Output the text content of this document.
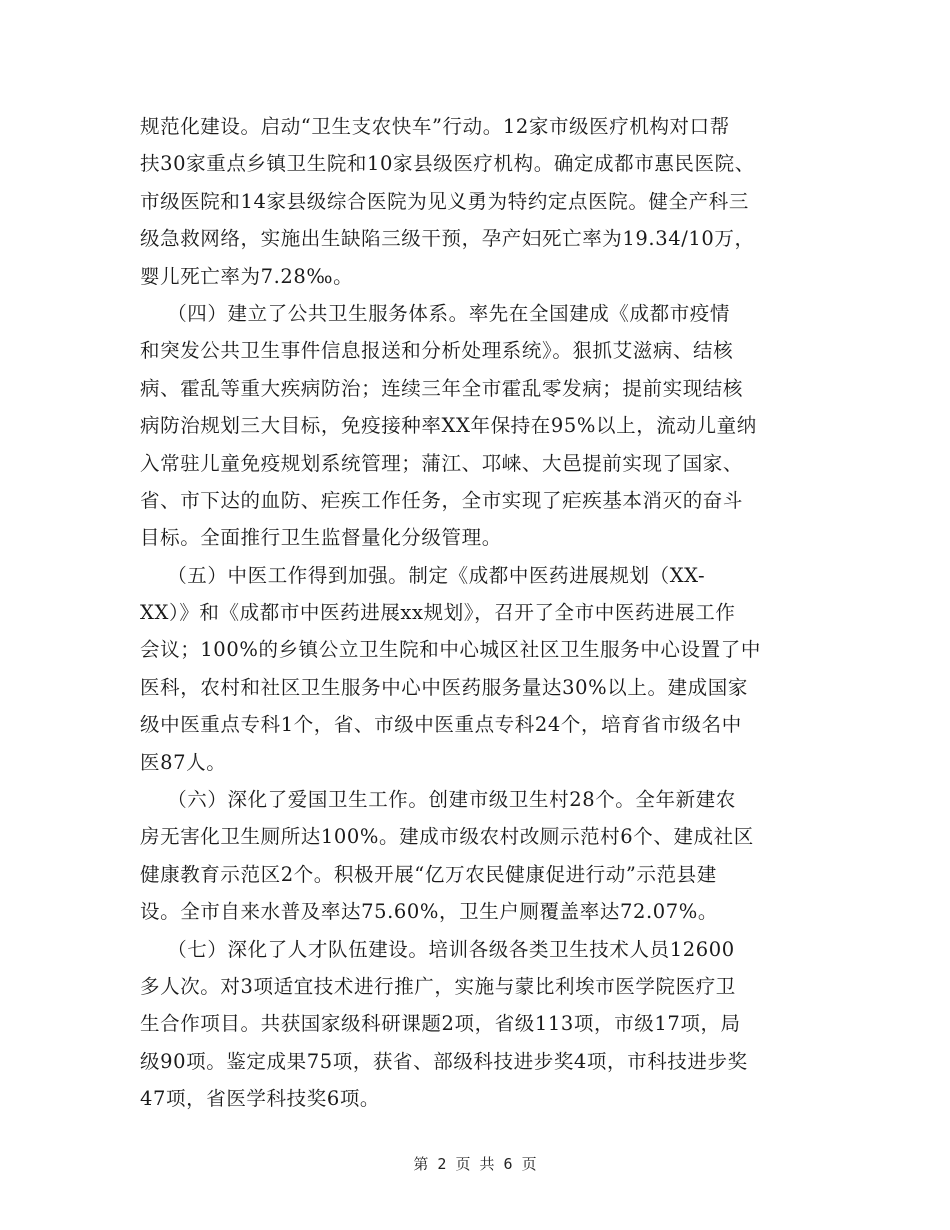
规范化建设。启动“卫生支农快车”行动。12家市级医疗机构对口帮
扶30家重点乡镇卫生院和10家县级医疗机构。确定成都市惠民医院、
市级医院和14家县级综合医院为见义勇为特约定点医院。健全产科三
级急救网络，实施出生缺陷三级干预，孕产妇死亡率为19.34/10万，
婴儿死亡率为7.28‰。
（四）建立了公共卫生服务体系。率先在全国建成《成都市疫情
和突发公共卫生事件信息报送和分析处理系统》。狠抓艾滋病、结核
病、霍乱等重大疾病防治；连续三年全市霍乱零发病；提前实现结核
病防治规划三大目标，免疫接种率XX年保持在95%以上，流动儿童纳
入常驻儿童免疫规划系统管理；蒲江、邛崃、大邑提前实现了国家、
省、市下达的血防、疟疾工作任务，全市实现了疟疾基本消灭的奋斗
目标。全面推行卫生监督量化分级管理。
（五）中医工作得到加强。制定《成都中医药进展规划（XX-
XX）》和《成都市中医药进展xx规划》，召开了全市中医药进展工作
会议；100%的乡镇公立卫生院和中心城区社区卫生服务中心设置了中
医科，农村和社区卫生服务中心中医药服务量达30%以上。建成国家
级中医重点专科1个，省、市级中医重点专科24个，培育省市级名中
医87人。
（六）深化了爱国卫生工作。创建市级卫生村28个。全年新建农
房无害化卫生厕所达100%。建成市级农村改厕示范村6个、建成社区
健康教育示范区2个。积极开展“亿万农民健康促进行动”示范县建
设。全市自来水普及率达75.60%，卫生户厕覆盖率达72.07%。
（七）深化了人才队伍建设。培训各级各类卫生技术人员12600
多人次。对3项适宜技术进行推广，实施与蒙比利埃市医学院医疗卫
生合作项目。共获国家级科研课题2项，省级113项，市级17项，局
级90项。鉴定成果75项，获省、部级科技进步奖4项，市科技进步奖
47项，省医学科技奖6项。
第 2 页 共 6 页
